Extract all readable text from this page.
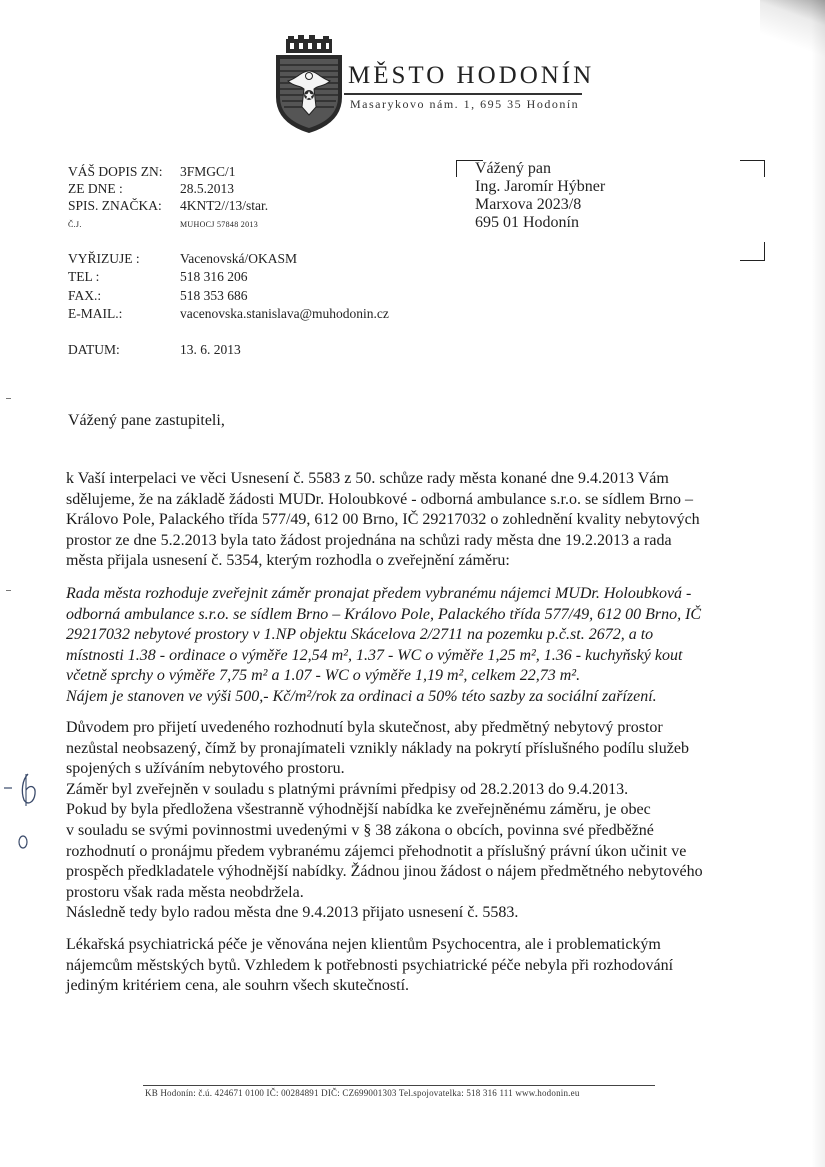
MĚSTO HODONÍN
Masarykovo nám. 1, 695 35 Hodonín
VÁŠ DOPIS ZN: 3FMGC/1
ZE DNE :	28.5.2013
SPIS. ZNAČKA: 4KNT2//13/star.
Č.J.	MUHOCJ 57848 2013
VYŘIZUJE :	Vacenovská/OKASM
TEL :	518 316 206
FAX.:	518 353 686
E-MAIL.:	vacenovska.stanislava@muhodonin.cz
DATUM:	13. 6. 2013
Vážený pan
Ing. Jaromír Hýbner
Marxova 2023/8
695 01 Hodonín
Vážený pane zastupiteli,
k Vaší interpelaci ve věci Usnesení č. 5583 z 50. schůze rady města konané dne 9.4.2013 Vám
sdělujeme, že na základě žádosti MUDr. Holoubkové - odborná ambulance s.r.o. se sídlem Brno –
Královo Pole, Palackého třída 577/49, 612 00 Brno, IČ 29217032 o zohlednění kvality nebytových
prostor ze dne 5.2.2013 byla tato žádost projednána na schůzi rady města dne 19.2.2013 a rada
města přijala usnesení č. 5354, kterým rozhodla o zveřejnění záměru:
Rada města rozhoduje zveřejnit záměr pronajat předem vybranému nájemci MUDr. Holoubková -
odborná ambulance s.r.o. se sídlem Brno – Královo Pole, Palackého třída 577/49, 612 00 Brno, IČ
29217032 nebytové prostory v 1.NP objektu Skácelova 2/2711 na pozemku p.č.st. 2672, a to
místnosti 1.38 - ordinace o výměře 12,54 m², 1.37 - WC o výměře 1,25 m², 1.36 - kuchyňský kout
včetně sprchy o výměře 7,75 m² a 1.07 - WC o výměře 1,19 m², celkem 22,73 m².
Nájem je stanoven ve výši 500,- Kč/m²/rok za ordinaci a 50% této sazby za sociální zařízení.
Důvodem pro přijetí uvedeného rozhodnutí byla skutečnost, aby předmětný nebytový prostor
nezůstal neobsazený, čímž by pronajímateli vznikly náklady na pokrytí příslušného podílu služeb
spojených s užíváním nebytového prostoru.
Záměr byl zveřejněn v souladu s platnými právními předpisy od 28.2.2013 do 9.4.2013.
Pokud by byla předložena všestranně výhodnější nabídka ke zveřejněnému záměru, je obec
v souladu se svými povinnostmi uvedenými v § 38 zákona o obcích, povinna své předběžné
rozhodnutí o pronájmu předem vybranému zájemci přehodnotit a příslušný právní úkon učinit ve
prospěch předkladatele výhodnější nabídky. Žádnou jinou žádost o nájem předmětného nebytového
prostoru však rada města neobdržela.
Následně tedy bylo radou města dne 9.4.2013 přijato usnesení č. 5583.
Lékařská psychiatrická péče je věnována nejen klientům Psychocentra, ale i problematickým
nájemcům městských bytů. Vzhledem k potřebnosti psychiatrické péče nebyla při rozhodování
jediným kritériem cena, ale souhrn všech skutečností.
KB Hodonín: č.ú. 424671 0100 IČ: 00284891 DIČ: CZ699001303 Tel.spojovatelka: 518 316 111 www.hodonin.eu
